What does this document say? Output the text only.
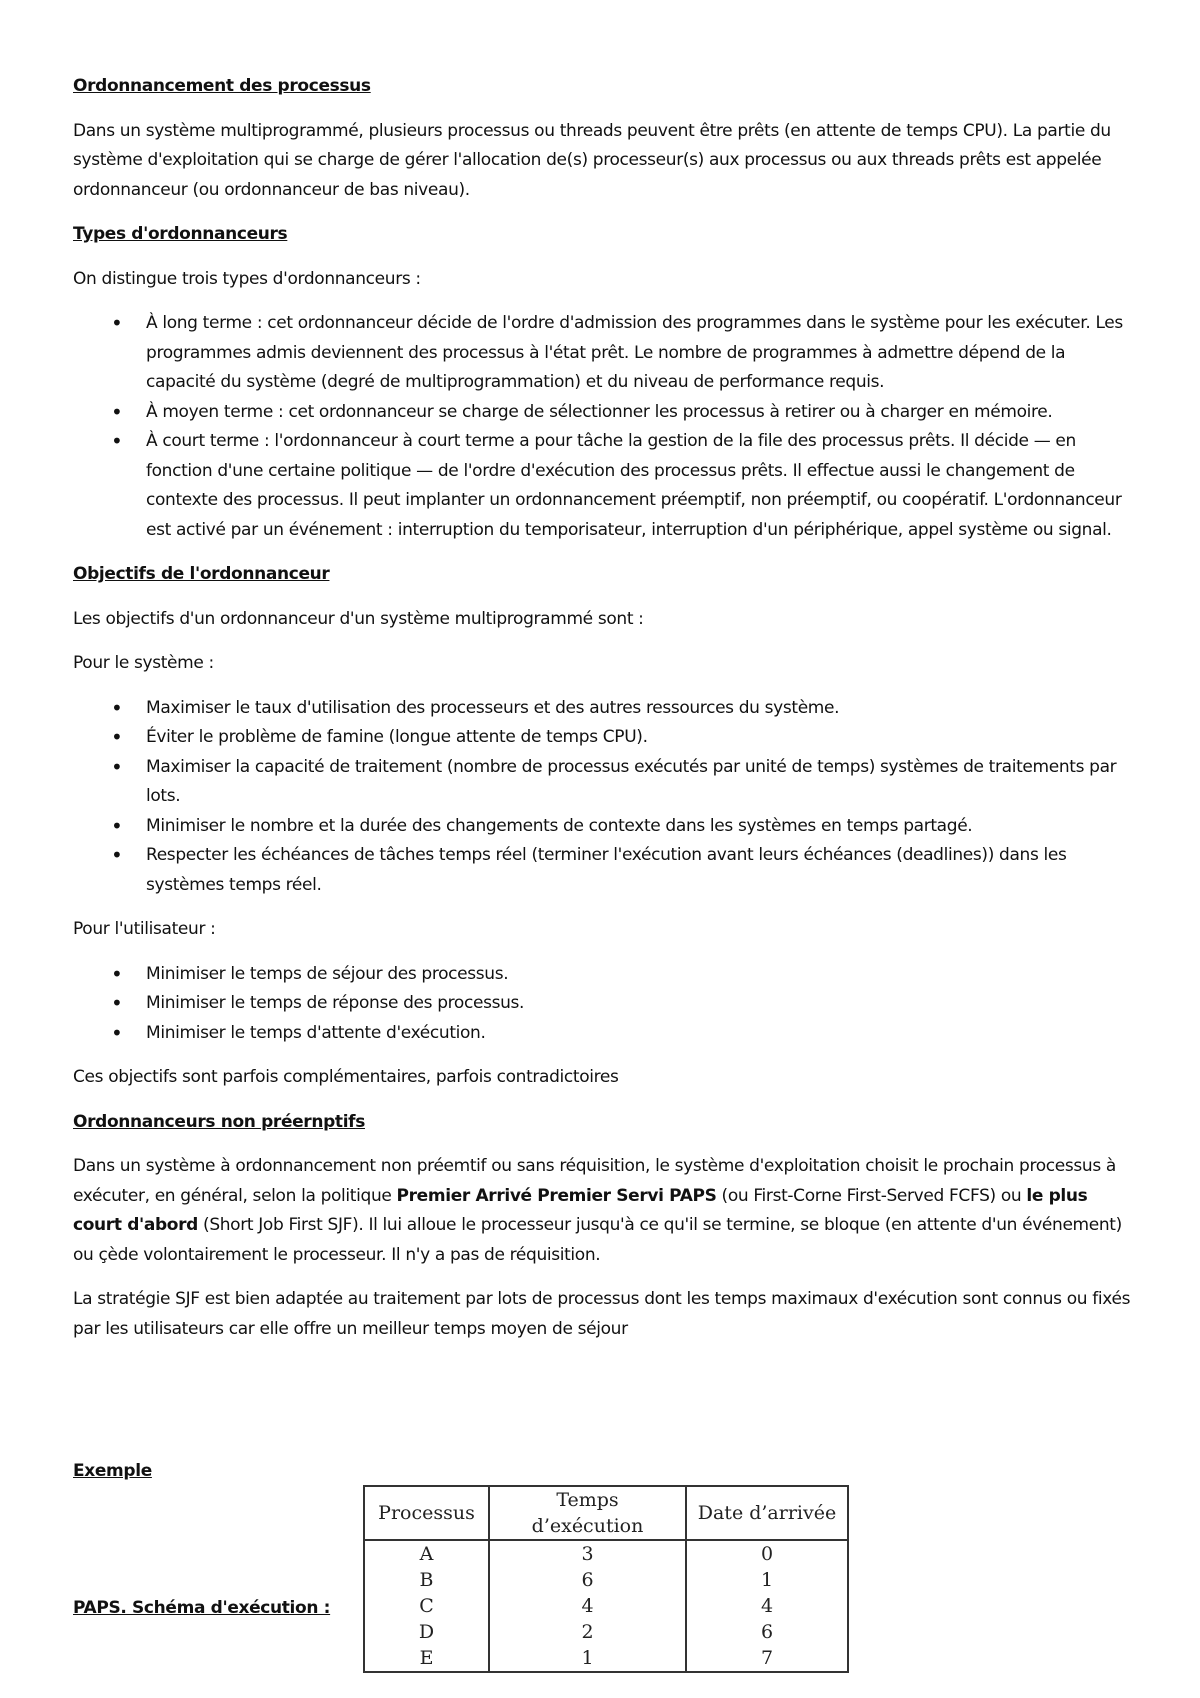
Ordonnancement des processus

Dans un système multiprogrammé, plusieurs processus ou threads peuvent être prêts (en attente de temps CPU). La partie du système d'exploitation qui se charge de gérer l'allocation de(s) processeur(s) aux processus ou aux threads prêts est appelée ordonnanceur (ou ordonnanceur de bas niveau).

Types d'ordonnanceurs

On distingue trois types d'ordonnanceurs :

• À long terme : cet ordonnanceur décide de l'ordre d'admission des programmes dans le système pour les exécuter. Les programmes admis deviennent des processus à l'état prêt. Le nombre de programmes à admettre dépend de la capacité du système (degré de multiprogrammation) et du niveau de performance requis.
• À moyen terme : cet ordonnanceur se charge de sélectionner les processus à retirer ou à charger en mémoire.
• À court terme : l'ordonnanceur à court terme a pour tâche la gestion de la file des processus prêts. Il décide — en fonction d'une certaine politique — de l'ordre d'exécution des processus prêts. Il effectue aussi le changement de contexte des processus. Il peut implanter un ordonnancement préemptif, non préemptif, ou coopératif. L'ordonnanceur est activé par un événement : interruption du temporisateur, interruption d'un périphérique, appel système ou signal.
Objectifs de l'ordonnanceur

Les objectifs d'un ordonnanceur d'un système multiprogrammé sont :

Pour le système :

• Maximiser le taux d'utilisation des processeurs et des autres ressources du système.
• Éviter le problème de famine (longue attente de temps CPU).
• Maximiser la capacité de traitement (nombre de processus exécutés par unité de temps) systèmes de traitements par lots.
• Minimiser le nombre et la durée des changements de contexte dans les systèmes en temps partagé.
• Respecter les échéances de tâches temps réel (terminer l'exécution avant leurs échéances (deadlines)) dans les systèmes temps réel.

Pour l'utilisateur :

• Minimiser le temps de séjour des processus.
• Minimiser le temps de réponse des processus.
• Minimiser le temps d'attente d'exécution.

Ces objectifs sont parfois complémentaires, parfois contradictoires

Ordonnanceurs non préernptifs

Dans un système à ordonnancement non préemtif ou sans réquisition, le système d'exploitation choisit le prochain processus à exécuter, en général, selon la politique Premier Arrivé Premier Servi PAPS (ou First-Corne First-Served FCFS) ou le plus court d'abord (Short Job First SJF). Il lui alloue le processeur jusqu'à ce qu'il se termine, se bloque (en attente d'un événement) ou çède volontairement le processeur. Il n'y a pas de réquisition.

La stratégie SJF est bien adaptée au traitement par lots de processus dont les temps maximaux d'exécution sont connus ou fixés par les utilisateurs car elle offre un meilleur temps moyen de séjour

Exemple
Processus	Temps d’exécution	Date d’arrivée
A	3	0
B	6	1
C	4	4
D	2	6
E	1	7
PAPS. Schéma d'exécution :
